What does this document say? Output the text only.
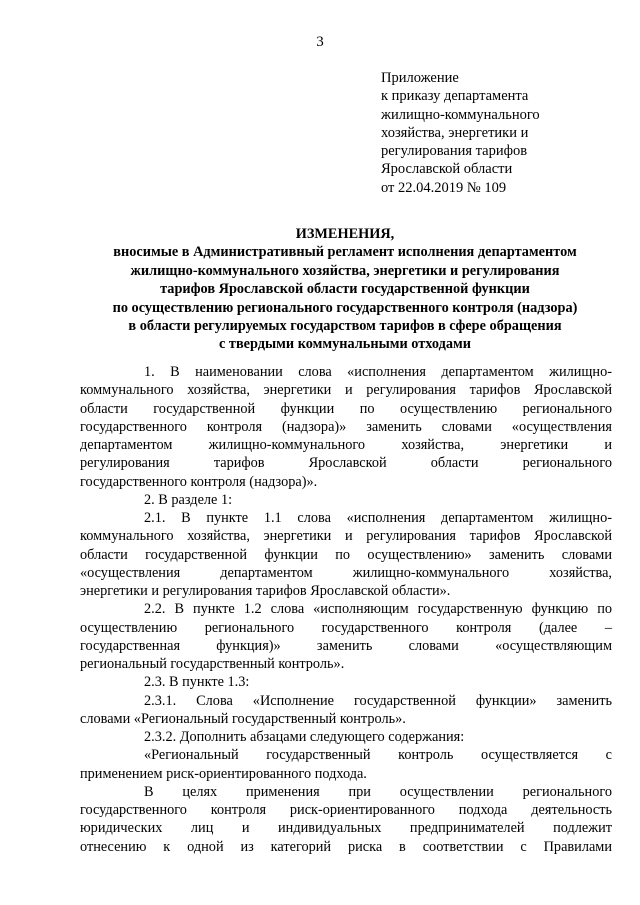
3
Приложение
к приказу департамента
жилищно-коммунального
хозяйства, энергетики и
регулирования тарифов
Ярославской области
от 22.04.2019 № 109
ИЗМЕНЕНИЯ,
вносимые в Административный регламент исполнения департаментом
жилищно-коммунального хозяйства, энергетики и регулирования
тарифов Ярославской области государственной функции
по осуществлению регионального государственного контроля (надзора)
в области регулируемых государством тарифов в сфере обращения
с твердыми коммунальными отходами
1. В наименовании слова «исполнения департаментом жилищно-
коммунального хозяйства, энергетики и регулирования тарифов Ярославской
области государственной функции по осуществлению регионального
государственного контроля (надзора)» заменить словами «осуществления
департаментом жилищно-коммунального хозяйства, энергетики и
регулирования тарифов Ярославской области регионального
государственного контроля (надзора)».
2. В разделе 1:
2.1. В пункте 1.1 слова «исполнения департаментом жилищно-
коммунального хозяйства, энергетики и регулирования тарифов Ярославской
области государственной функции по осуществлению» заменить словами
«осуществления департаментом жилищно-коммунального хозяйства,
энергетики и регулирования тарифов Ярославской области».
2.2. В пункте 1.2 слова «исполняющим государственную функцию по
осуществлению регионального государственного контроля (далее –
государственная функция)» заменить словами «осуществляющим
региональный государственный контроль».
2.3. В пункте 1.3:
2.3.1. Слова «Исполнение государственной функции» заменить
словами «Региональный государственный контроль».
2.3.2. Дополнить абзацами следующего содержания:
«Региональный государственный контроль осуществляется с
применением риск-ориентированного подхода.
В целях применения при осуществлении регионального
государственного контроля риск-ориентированного подхода деятельность
юридических лиц и индивидуальных предпринимателей подлежит
отнесению к одной из категорий риска в соответствии с Правилами
